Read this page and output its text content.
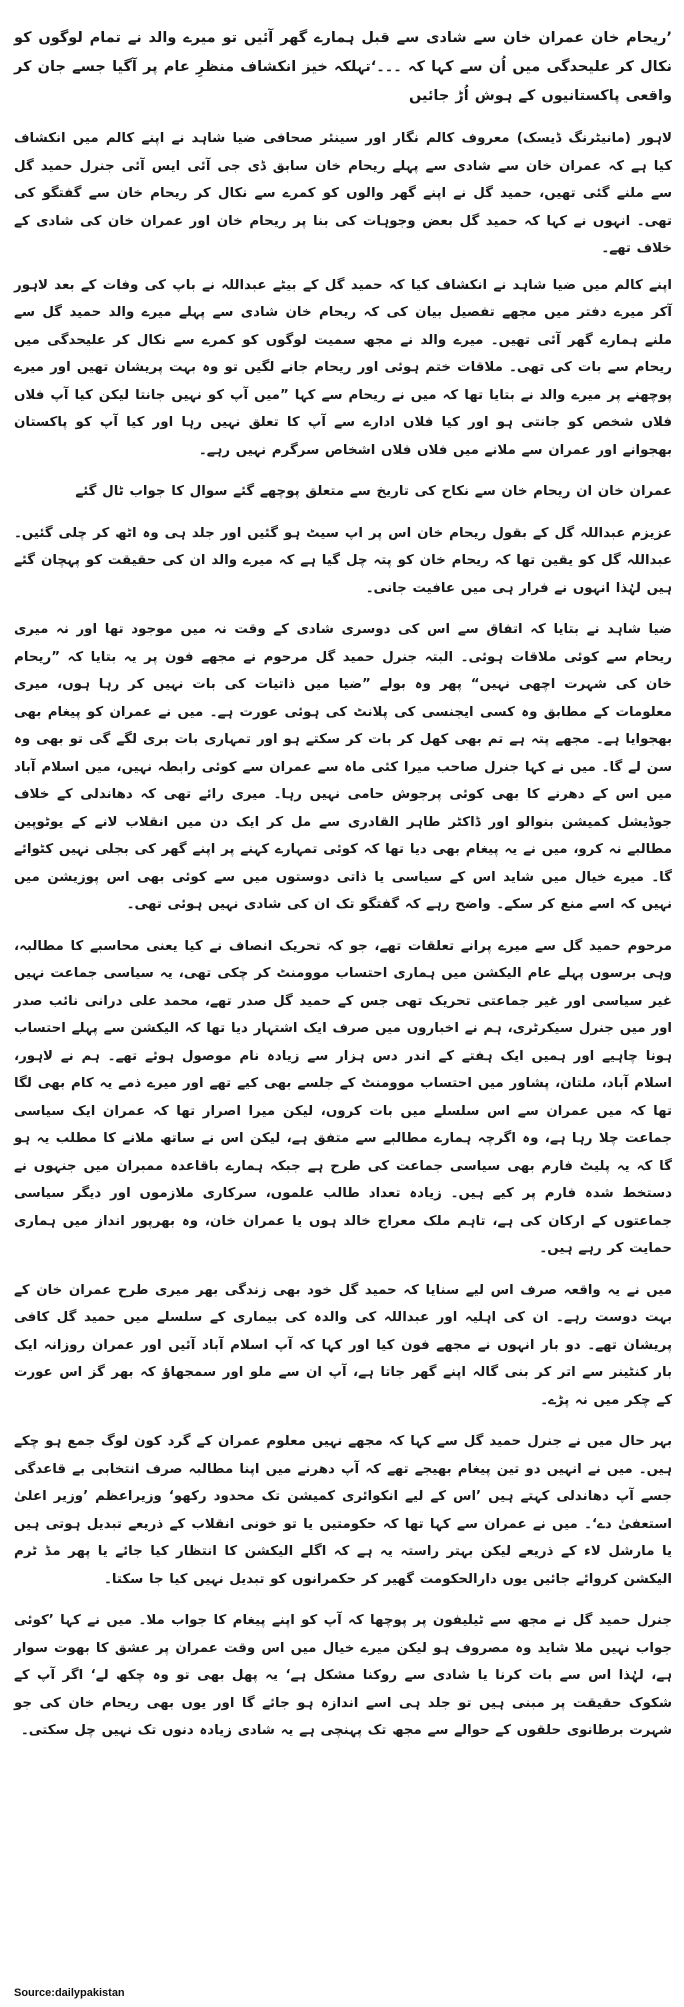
’ریحام خان عمران خان سے شادی سے قبل ہمارے گھر آئیں تو میرے والد نے تمام لوگوں کو نکال کر علیحدگی میں اُن سے کہا کہ ۔۔۔‘تہلکہ خیز انکشاف منظرِ عام پر آگیا جسے جان کر واقعی پاکستانیوں کے ہوش اُڑ جائیں

لاہور (مانیٹرنگ ڈیسک) معروف کالم نگار اور سینئر صحافی ضیا شاہد نے اپنے کالم میں انکشاف کیا ہے کہ عمران خان سے شادی سے پہلے ریحام خان سابق ڈی جی آئی ایس آئی جنرل حمید گل سے ملنے گئی تھیں، حمید گل نے اپنے گھر والوں کو کمرے سے نکال کر ریحام خان سے گفتگو کی تھی۔ انہوں نے کہا کہ حمید گل بعض وجوہات کی بنا پر ریحام خان اور عمران خان کی شادی کے خلاف تھے۔

اپنے کالم میں ضیا شاہد نے انکشاف کیا کہ حمید گل کے بیٹے عبداللہ نے باپ کی وفات کے بعد لاہور آکر میرے دفتر میں مجھے تفصیل بیان کی کہ ریحام خان شادی سے پہلے میرے والد حمید گل سے ملنے ہمارے گھر آئی تھیں۔ میرے والد نے مجھ سمیت لوگوں کو کمرے سے نکال کر علیحدگی میں ریحام سے بات کی تھی۔ ملاقات ختم ہوئی اور ریحام جانے لگیں تو وہ بہت پریشان تھیں اور میرے پوچھنے پر میرے والد نے بتایا تھا کہ میں نے ریحام سے کہا ”میں آپ کو نہیں جانتا لیکن کیا آپ فلاں فلاں شخص کو جانتی ہو اور کیا فلاں ادارے سے آپ کا تعلق نہیں رہا اور کیا آپ کو پاکستان بھجوانے اور عمران سے ملانے میں فلاں فلاں اشخاص سرگرم نہیں رہے۔

عمران خان ان ریحام خان سے نکاح کی تاریخ سے متعلق پوچھے گئے سوال کا جواب ٹال گئے

عزیزم عبداللہ گل کے بقول ریحام خان اس پر اپ سیٹ ہو گئیں اور جلد ہی وہ اٹھ کر چلی گئیں۔ عبداللہ گل کو یقین تھا کہ ریحام خان کو پتہ چل گیا ہے کہ میرے والد ان کی حقیقت کو پہچان گئے ہیں لہٰذا انہوں نے فرار ہی میں عافیت جانی۔

ضیا شاہد نے بتایا کہ اتفاق سے اس کی دوسری شادی کے وقت نہ میں موجود تھا اور نہ میری ریحام سے کوئی ملاقات ہوئی۔ البتہ جنرل حمید گل مرحوم نے مجھے فون پر یہ بتایا کہ ”ریحام خان کی شہرت اچھی نہیں“ پھر وہ بولے ”ضیا میں ذاتیات کی بات نہیں کر رہا ہوں، میری معلومات کے مطابق وہ کسی ایجنسی کی پلانٹ کی ہوئی عورت ہے۔ میں نے عمران کو پیغام بھی بھجوایا ہے۔ مجھے پتہ ہے تم بھی کھل کر بات کر سکتے ہو اور تمہاری بات بری لگے گی تو بھی وہ سن لے گا۔ میں نے کہا جنرل صاحب میرا کئی ماہ سے عمران سے کوئی رابطہ نہیں، میں اسلام آباد میں اس کے دھرنے کا بھی کوئی پرجوش حامی نہیں رہا۔ میری رائے تھی کہ دھاندلی کے خلاف جوڈیشل کمیشن بنوالو اور ڈاکٹر طاہر القادری سے مل کر ایک دن میں انقلاب لانے کے یوٹوپین مطالبے نہ کرو، میں نے یہ پیغام بھی دیا تھا کہ کوئی تمہارے کہنے پر اپنے گھر کی بجلی نہیں کٹوائے گا۔ میرے خیال میں شاید اس کے سیاسی یا ذاتی دوستوں میں سے کوئی بھی اس پوزیشن میں نہیں کہ اسے منع کر سکے۔ واضح رہے کہ گفتگو تک ان کی شادی نہیں ہوئی تھی۔

مرحوم حمید گل سے میرے پرانے تعلقات تھے، جو کہ تحریک انصاف نے کیا یعنی محاسبے کا مطالبہ، وہی برسوں پہلے عام الیکشن میں ہماری احتساب موومنٹ کر چکی تھی، یہ سیاسی جماعت نہیں غیر سیاسی اور غیر جماعتی تحریک تھی جس کے حمید گل صدر تھے، محمد علی درانی نائب صدر اور میں جنرل سیکرٹری، ہم نے اخباروں میں صرف ایک اشتہار دیا تھا کہ الیکشن سے پہلے احتساب ہونا چاہیے اور ہمیں ایک ہفتے کے اندر دس ہزار سے زیادہ نام موصول ہوئے تھے۔ ہم نے لاہور، اسلام آباد، ملتان، پشاور میں احتساب موومنٹ کے جلسے بھی کیے تھے اور میرے ذمے یہ کام بھی لگا تھا کہ میں عمران سے اس سلسلے میں بات کروں، لیکن میرا اصرار تھا کہ عمران ایک سیاسی جماعت چلا رہا ہے، وہ اگرچہ ہمارے مطالبے سے متفق ہے، لیکن اس نے ساتھ ملانے کا مطلب یہ ہو گا کہ یہ پلیٹ فارم بھی سیاسی جماعت کی طرح ہے جبکہ ہمارے باقاعدہ ممبران میں جنہوں نے دستخط شدہ فارم پر کیے ہیں۔ زیادہ تعداد طالب علموں، سرکاری ملازموں اور دیگر سیاسی جماعتوں کے ارکان کی ہے، تاہم ملک معراج خالد ہوں یا عمران خان، وہ بھرپور انداز میں ہماری حمایت کر رہے ہیں۔

میں نے یہ واقعہ صرف اس لیے سنایا کہ حمید گل خود بھی زندگی بھر میری طرح عمران خان کے بہت دوست رہے۔ ان کی اہلیہ اور عبداللہ کی والدہ کی بیماری کے سلسلے میں حمید گل کافی پریشان تھے۔ دو بار انہوں نے مجھے فون کیا اور کہا کہ آپ اسلام آباد آئیں اور عمران روزانہ ایک بار کنٹینر سے اتر کر بنی گالہ اپنے گھر جاتا ہے، آپ ان سے ملو اور سمجھاؤ کہ بھر گز اس عورت کے چکر میں نہ پڑے۔

بہر حال میں نے جنرل حمید گل سے کہا کہ مجھے نہیں معلوم عمران کے گرد کون لوگ جمع ہو چکے ہیں۔ میں نے انہیں دو تین پیغام بھیجے تھے کہ آپ دھرنے میں اپنا مطالبہ صرف انتخابی بے قاعدگی جسے آپ دھاندلی کہتے ہیں ’اس کے لیے انکوائری کمیشن تک محدود رکھو‘ وزیراعظم ’وزیر اعلیٰ استعفیٰ دے‘۔ میں نے عمران سے کہا تھا کہ حکومتیں یا تو خونی انقلاب کے ذریعے تبدیل ہوتی ہیں یا مارشل لاء کے ذریعے لیکن بہتر راستہ یہ ہے کہ اگلے الیکشن کا انتظار کیا جائے یا پھر مڈ ٹرم الیکشن کروائے جائیں یوں دارالحکومت گھیر کر حکمرانوں کو تبدیل نہیں کیا جا سکتا۔

جنرل حمید گل نے مجھ سے ٹیلیفون پر پوچھا کہ آپ کو اپنے پیغام کا جواب ملا۔ میں نے کہا ’کوئی جواب نہیں ملا شاید وہ مصروف ہو لیکن میرے خیال میں اس وقت عمران پر عشق کا بھوت سوار ہے، لہٰذا اس سے بات کرنا یا شادی سے روکنا مشکل ہے‘ یہ پھل بھی تو وہ چکھ لے‘ اگر آپ کے شکوک حقیقت پر مبنی ہیں تو جلد ہی اسے اندازہ ہو جائے گا اور یوں بھی ریحام خان کی جو شہرت برطانوی حلقوں کے حوالے سے مجھ تک پہنچی ہے یہ شادی زیادہ دنوں تک نہیں چل سکتی۔

Source:dailypakistan
